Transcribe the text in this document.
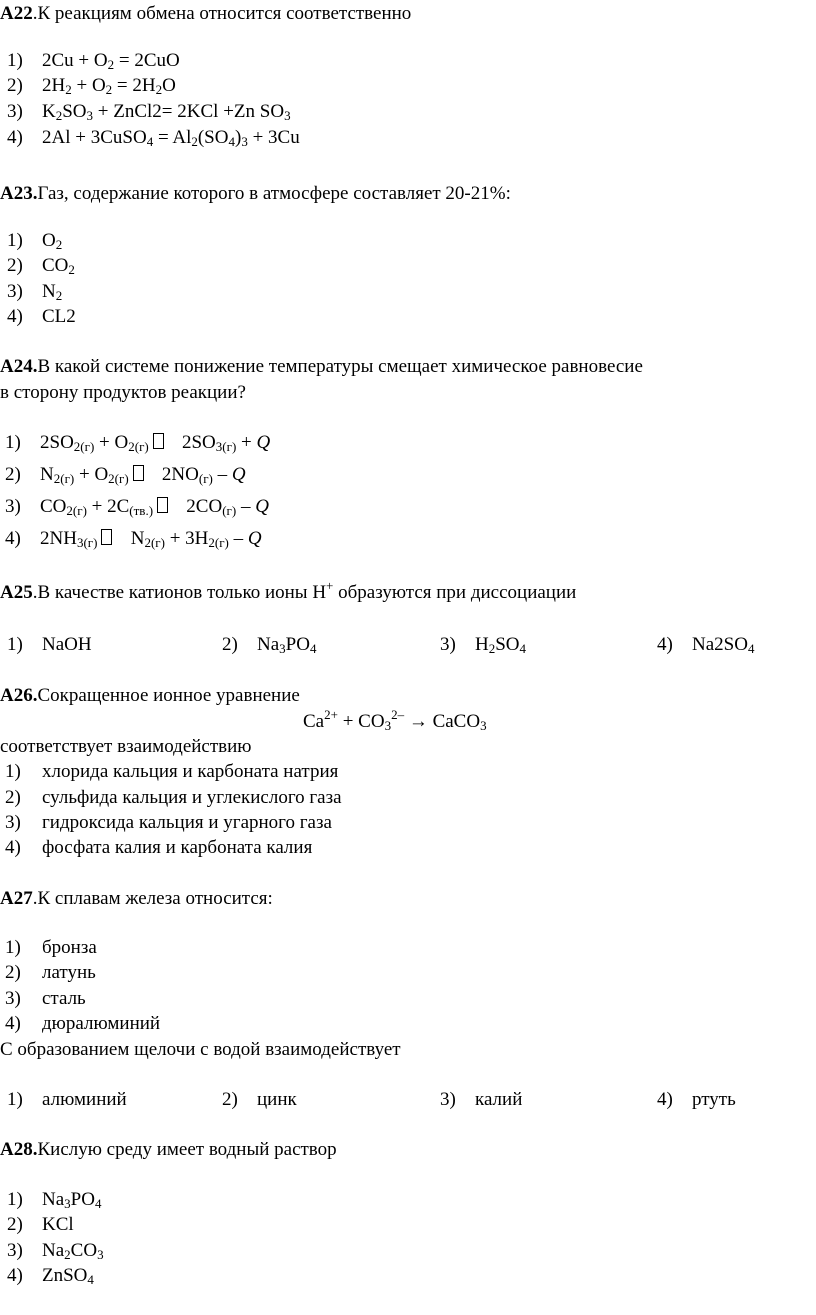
А22.К реакциям обмена относится соответственно
1) $2Cu + O_2 = 2CuO$
2) $2H_2 + O_2 = 2H_2O$
3) $K_2SO_3$ + ZnCl2= 2KCl +Zn $SO_3$
4) 2Al + 3CuSO$_4$ = $Al_2(SO_4)_3 + 3Cu$
А23.Газ, содержание которого в атмосфере составляет 20-21%:
1) $O_2$
2) $CO_2$
3) $N_2$
4) CL2
А24.В какой системе понижение температуры смещает химическое равновесие
в сторону продуктов реакции?
1) $2SO_{2(г)} + O_{2(г)}$ $2SO_{3(г)} + Q$
2) $N_{2(г)} + O_{2(г)}$ $2NO_{(г)}$ – Q
3) $CO_{2(г)} + 2C_{(тв.)}$ $2CO_{(г)}$ – Q
4) $2NH_{3(г)}$ $N_{2(г)} + 3H_{2(г)} - Q$
А25.В качестве катионов только ионы Н+ образуются при диссоциации
1) NaOH	2) $Na_3PO_4$	3) $H_2SO_4$	4) $Na2SO_4$
А26.Сокращенное ионное уравнение
$Ca^{2+} + CO_3^{2-}$ → CaCO$_3$
соответствует взаимодействию
1) хлорида кальция и карбоната натрия
2) сульфида кальция и углекислого газа
3) гидроксида кальция и угарного газа
4) фосфата калия и карбоната калия
А27.К сплавам железа относится:
1) бронза
2) латунь
3) сталь
4) дюралюминий
С образованием щелочи с водой взаимодействует
1) алюминий	2) цинк	3) калий	4) ртуть
А28.Кислую среду имеет водный раствор
1) $Na_3PO_4$
2) KCl
3) $Na_2CO_3$
4) ZnSO$_4$
